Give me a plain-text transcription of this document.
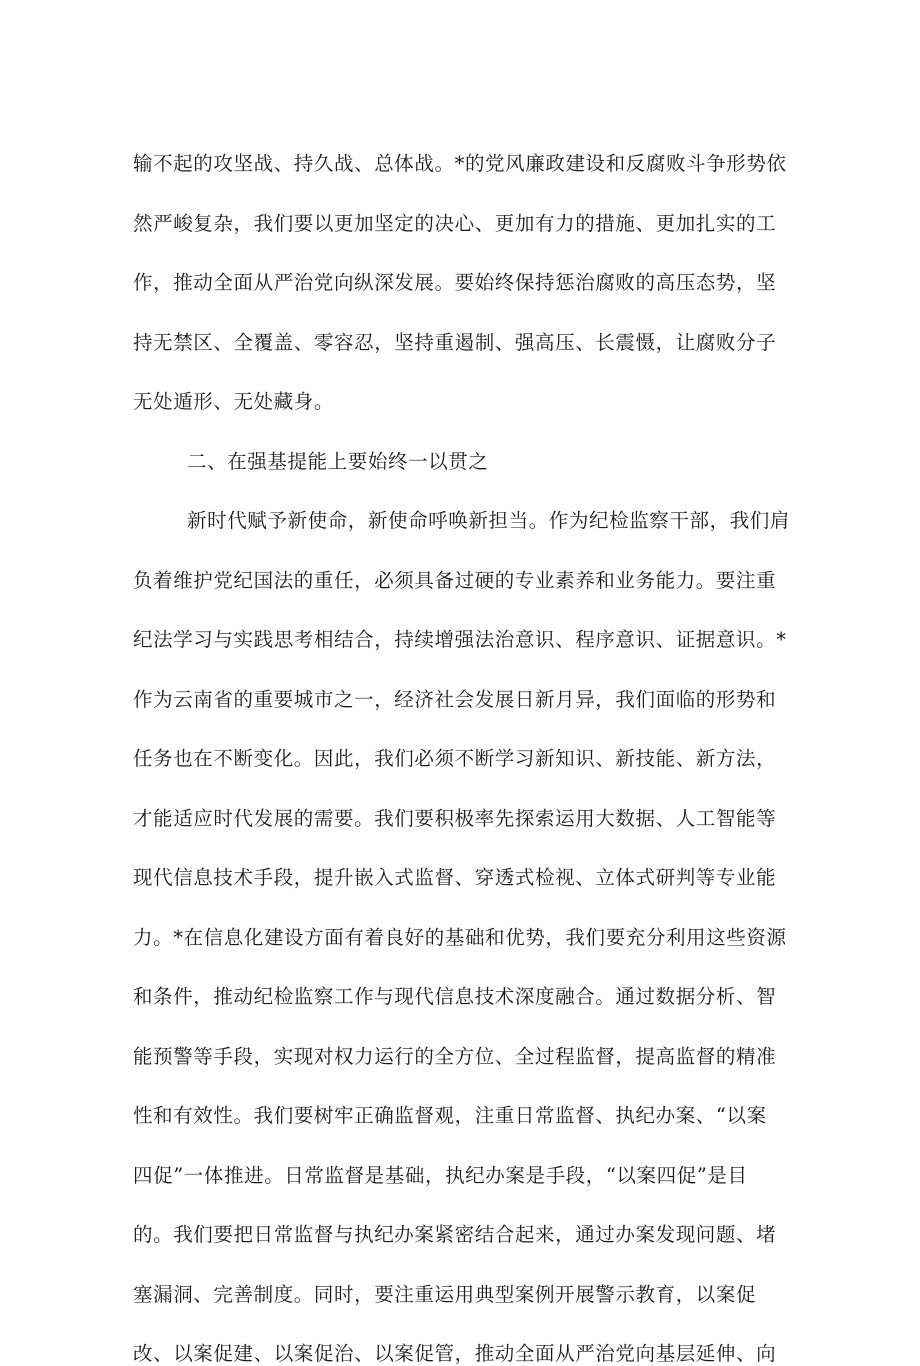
输不起的攻坚战、持久战、总体战。*的党风廉政建设和反腐败斗争形势依
然严峻复杂，我们要以更加坚定的决心、更加有力的措施、更加扎实的工
作，推动全面从严治党向纵深发展。要始终保持惩治腐败的高压态势，坚
持无禁区、全覆盖、零容忍，坚持重遏制、强高压、长震慑，让腐败分子
无处遁形、无处藏身。
二、在强基提能上要始终一以贯之
新时代赋予新使命，新使命呼唤新担当。作为纪检监察干部，我们肩
负着维护党纪国法的重任，必须具备过硬的专业素养和业务能力。要注重
纪法学习与实践思考相结合，持续增强法治意识、程序意识、证据意识。*
作为云南省的重要城市之一，经济社会发展日新月异，我们面临的形势和
任务也在不断变化。因此，我们必须不断学习新知识、新技能、新方法，
才能适应时代发展的需要。我们要积极率先探索运用大数据、人工智能等
现代信息技术手段，提升嵌入式监督、穿透式检视、立体式研判等专业能
力。*在信息化建设方面有着良好的基础和优势，我们要充分利用这些资源
和条件，推动纪检监察工作与现代信息技术深度融合。通过数据分析、智
能预警等手段，实现对权力运行的全方位、全过程监督，提高监督的精准
性和有效性。我们要树牢正确监督观，注重日常监督、执纪办案、“以案
四促”一体推进。日常监督是基础，执纪办案是手段，“以案四促”是目
的。我们要把日常监督与执纪办案紧密结合起来，通过办案发现问题、堵
塞漏洞、完善制度。同时，要注重运用典型案例开展警示教育，以案促
改、以案促建、以案促治、以案促管，推动全面从严治党向基层延伸、向
